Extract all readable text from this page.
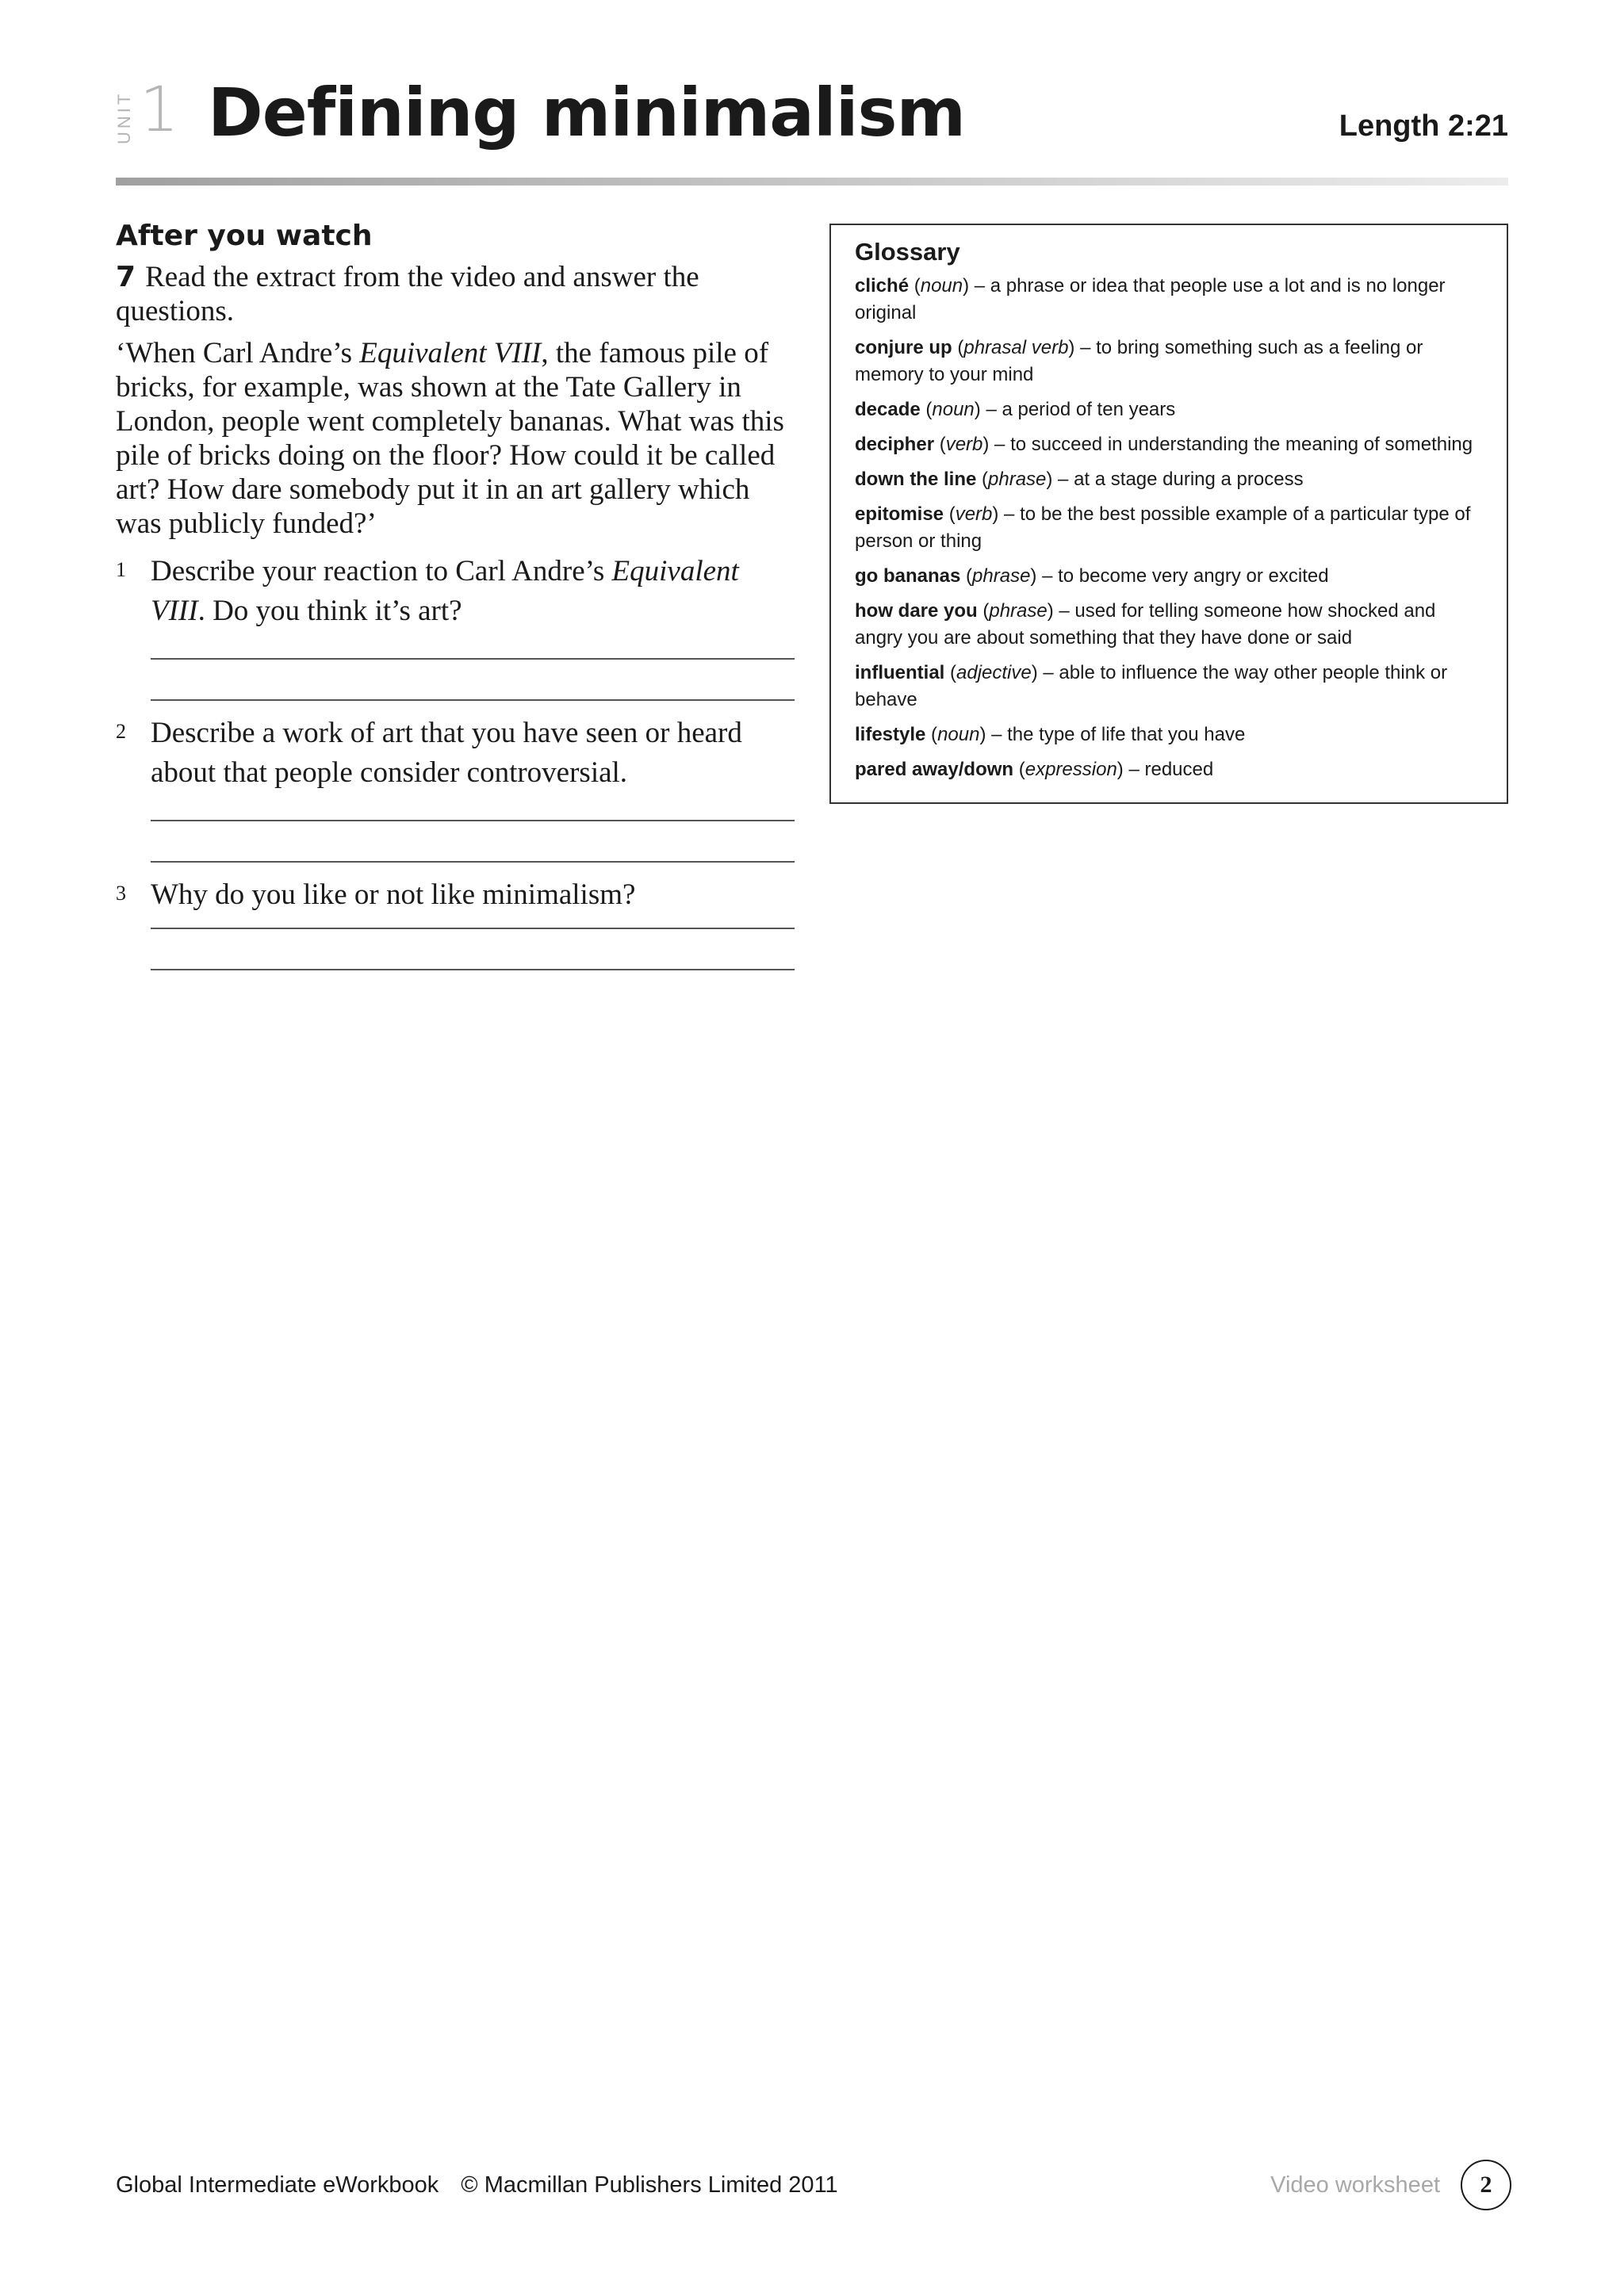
UNIT 1 Defining minimalism	Length 2:21
After you watch

7 Read the extract from the video and answer the questions.

‘When Carl Andre’s Equivalent VIII, the famous pile of bricks, for example, was shown at the Tate Gallery in London, people went completely bananas. What was this pile of bricks doing on the floor? How could it be called art? How dare somebody put it in an art gallery which was publicly funded?’

1 Describe your reaction to Carl Andre’s Equivalent VIII. Do you think it’s art?

2 Describe a work of art that you have seen or heard about that people consider controversial.

3 Why do you like or not like minimalism?

Glossary

cliché (noun) – a phrase or idea that people use a lot and is no longer original

conjure up (phrasal verb) – to bring something such as a feeling or memory to your mind

decade (noun) – a period of ten years

decipher (verb) – to succeed in understanding the meaning of something

down the line (phrase) – at a stage during a process

epitomise (verb) – to be the best possible example of a particular type of person or thing

go bananas (phrase) – to become very angry or excited

how dare you (phrase) – used for telling someone how shocked and angry you are about something that they have done or said

influential (adjective) – able to influence the way other people think or behave

lifestyle (noun) – the type of life that you have

pared away/down (expression) – reduced

Global Intermediate eWorkbook © Macmillan Publishers Limited 2011	Video worksheet	2
